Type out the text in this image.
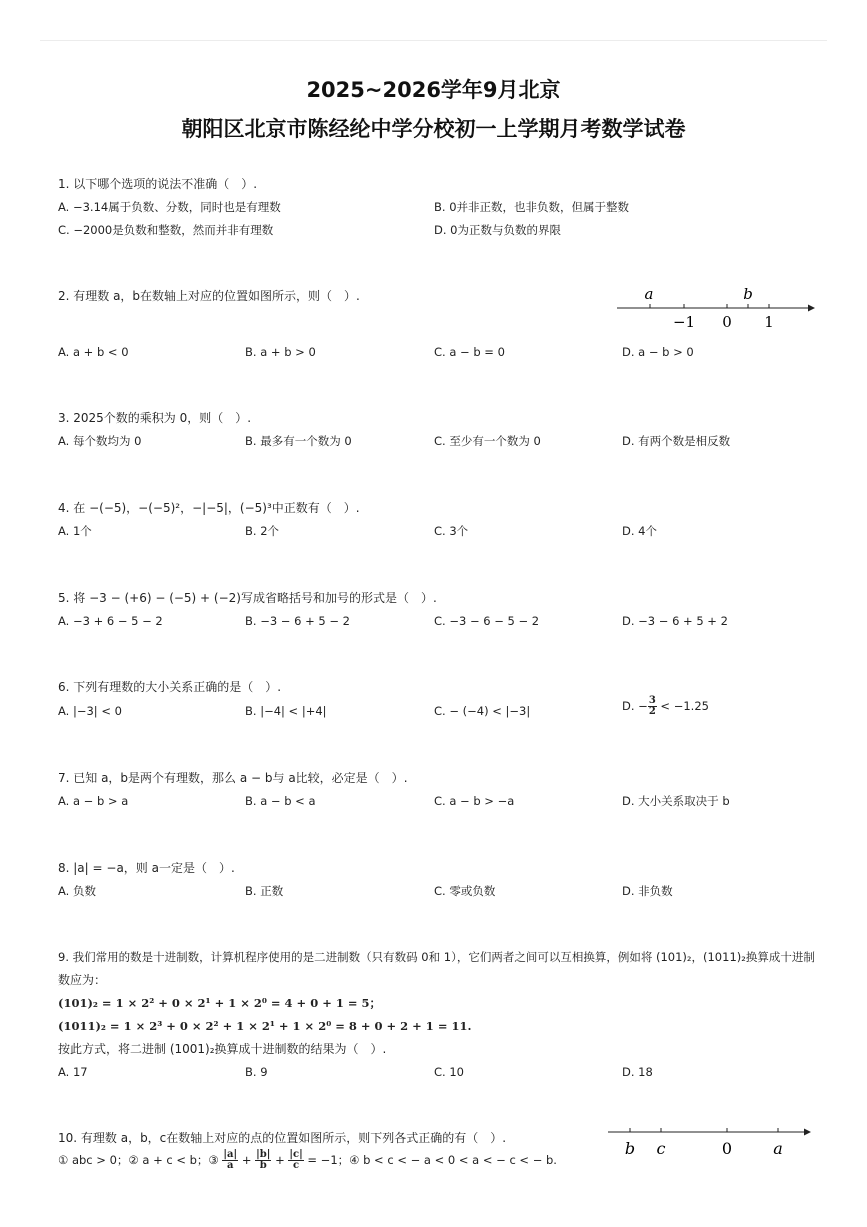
2025~2026学年9月北京
朝阳区北京市陈经纶中学分校初一上学期月考数学试卷
1. 以下哪个选项的说法不准确（　）.
A. −3.14属于负数、分数，同时也是有理数	B. 0并非正数，也非负数，但属于整数
C. −2000是负数和整数，然而并非有理数	D. 0为正数与负数的界限
2. 有理数 a，b在数轴上对应的位置如图所示，则（　）.	a	b
−1 0 1
A. a + b < 0	B. a + b > 0	C. a − b = 0	D. a − b > 0
3. 2025个数的乘积为 0，则（　）.
A. 每个数均为 0	B. 最多有一个数为 0	C. 至少有一个数为 0	D. 有两个数是相反数
4. 在 −(−5)，−(−5)²，−|−5|，(−5)³中正数有（　）.
A. 1个	B. 2个	C. 3个	D. 4个
5. 将 −3 − (+6) − (−5) + (−2)写成省略括号和加号的形式是（　）.
A. −3 + 6 − 5 − 2	B. −3 − 6 + 5 − 2	C. −3 − 6 − 5 − 2	D. −3 − 6 + 5 + 2
6. 下列有理数的大小关系正确的是（　）.
A. |−3| < 0	B. |−4| < |+4|	C. − (−4) < |−3|	D. − $\frac{3}{2} < -1.25$
7. 已知 a，b是两个有理数，那么 a − b与 a比较，必定是（　）.
A. a − b > a	B. a − b < a	C. a − b > −a	D. 大小关系取决于 b
8. |a| = −a，则 a一定是（　）.
A. 负数	B. 正数	C. 零或负数	D. 非负数
9. 我们常用的数是十进制数，计算机程序使用的是二进制数（只有数码 0和 1），它们两者之间可以互相换算，例如将 (101)₂，(1011)₂换算成十进制
数应为：
(101)₂ = 1 × 2² + 0 × 2¹ + 1 × 2⁰ = 4 + 0 + 1 = 5；
(1011)₂ = 1 × 2³ + 0 × 2² + 1 × 2¹ + 1 × 2⁰ = 8 + 0 + 2 + 1 = 11.
按此方式，将二进制 (1001)₂换算成十进制数的结果为（　）.
A. 17	B. 9	C. 10	D. 18
10. 有理数 a，b，c在数轴上对应的点的位置如图所示，则下列各式正确的有（　）.
b c	0	a
① abc > 0；② a + c < b；③ $\frac{|a|}{a} + \frac{|b|}{b} + \frac{|c|}{c} = -1$；④ b < c < − a < 0 < a < − c < − b.
